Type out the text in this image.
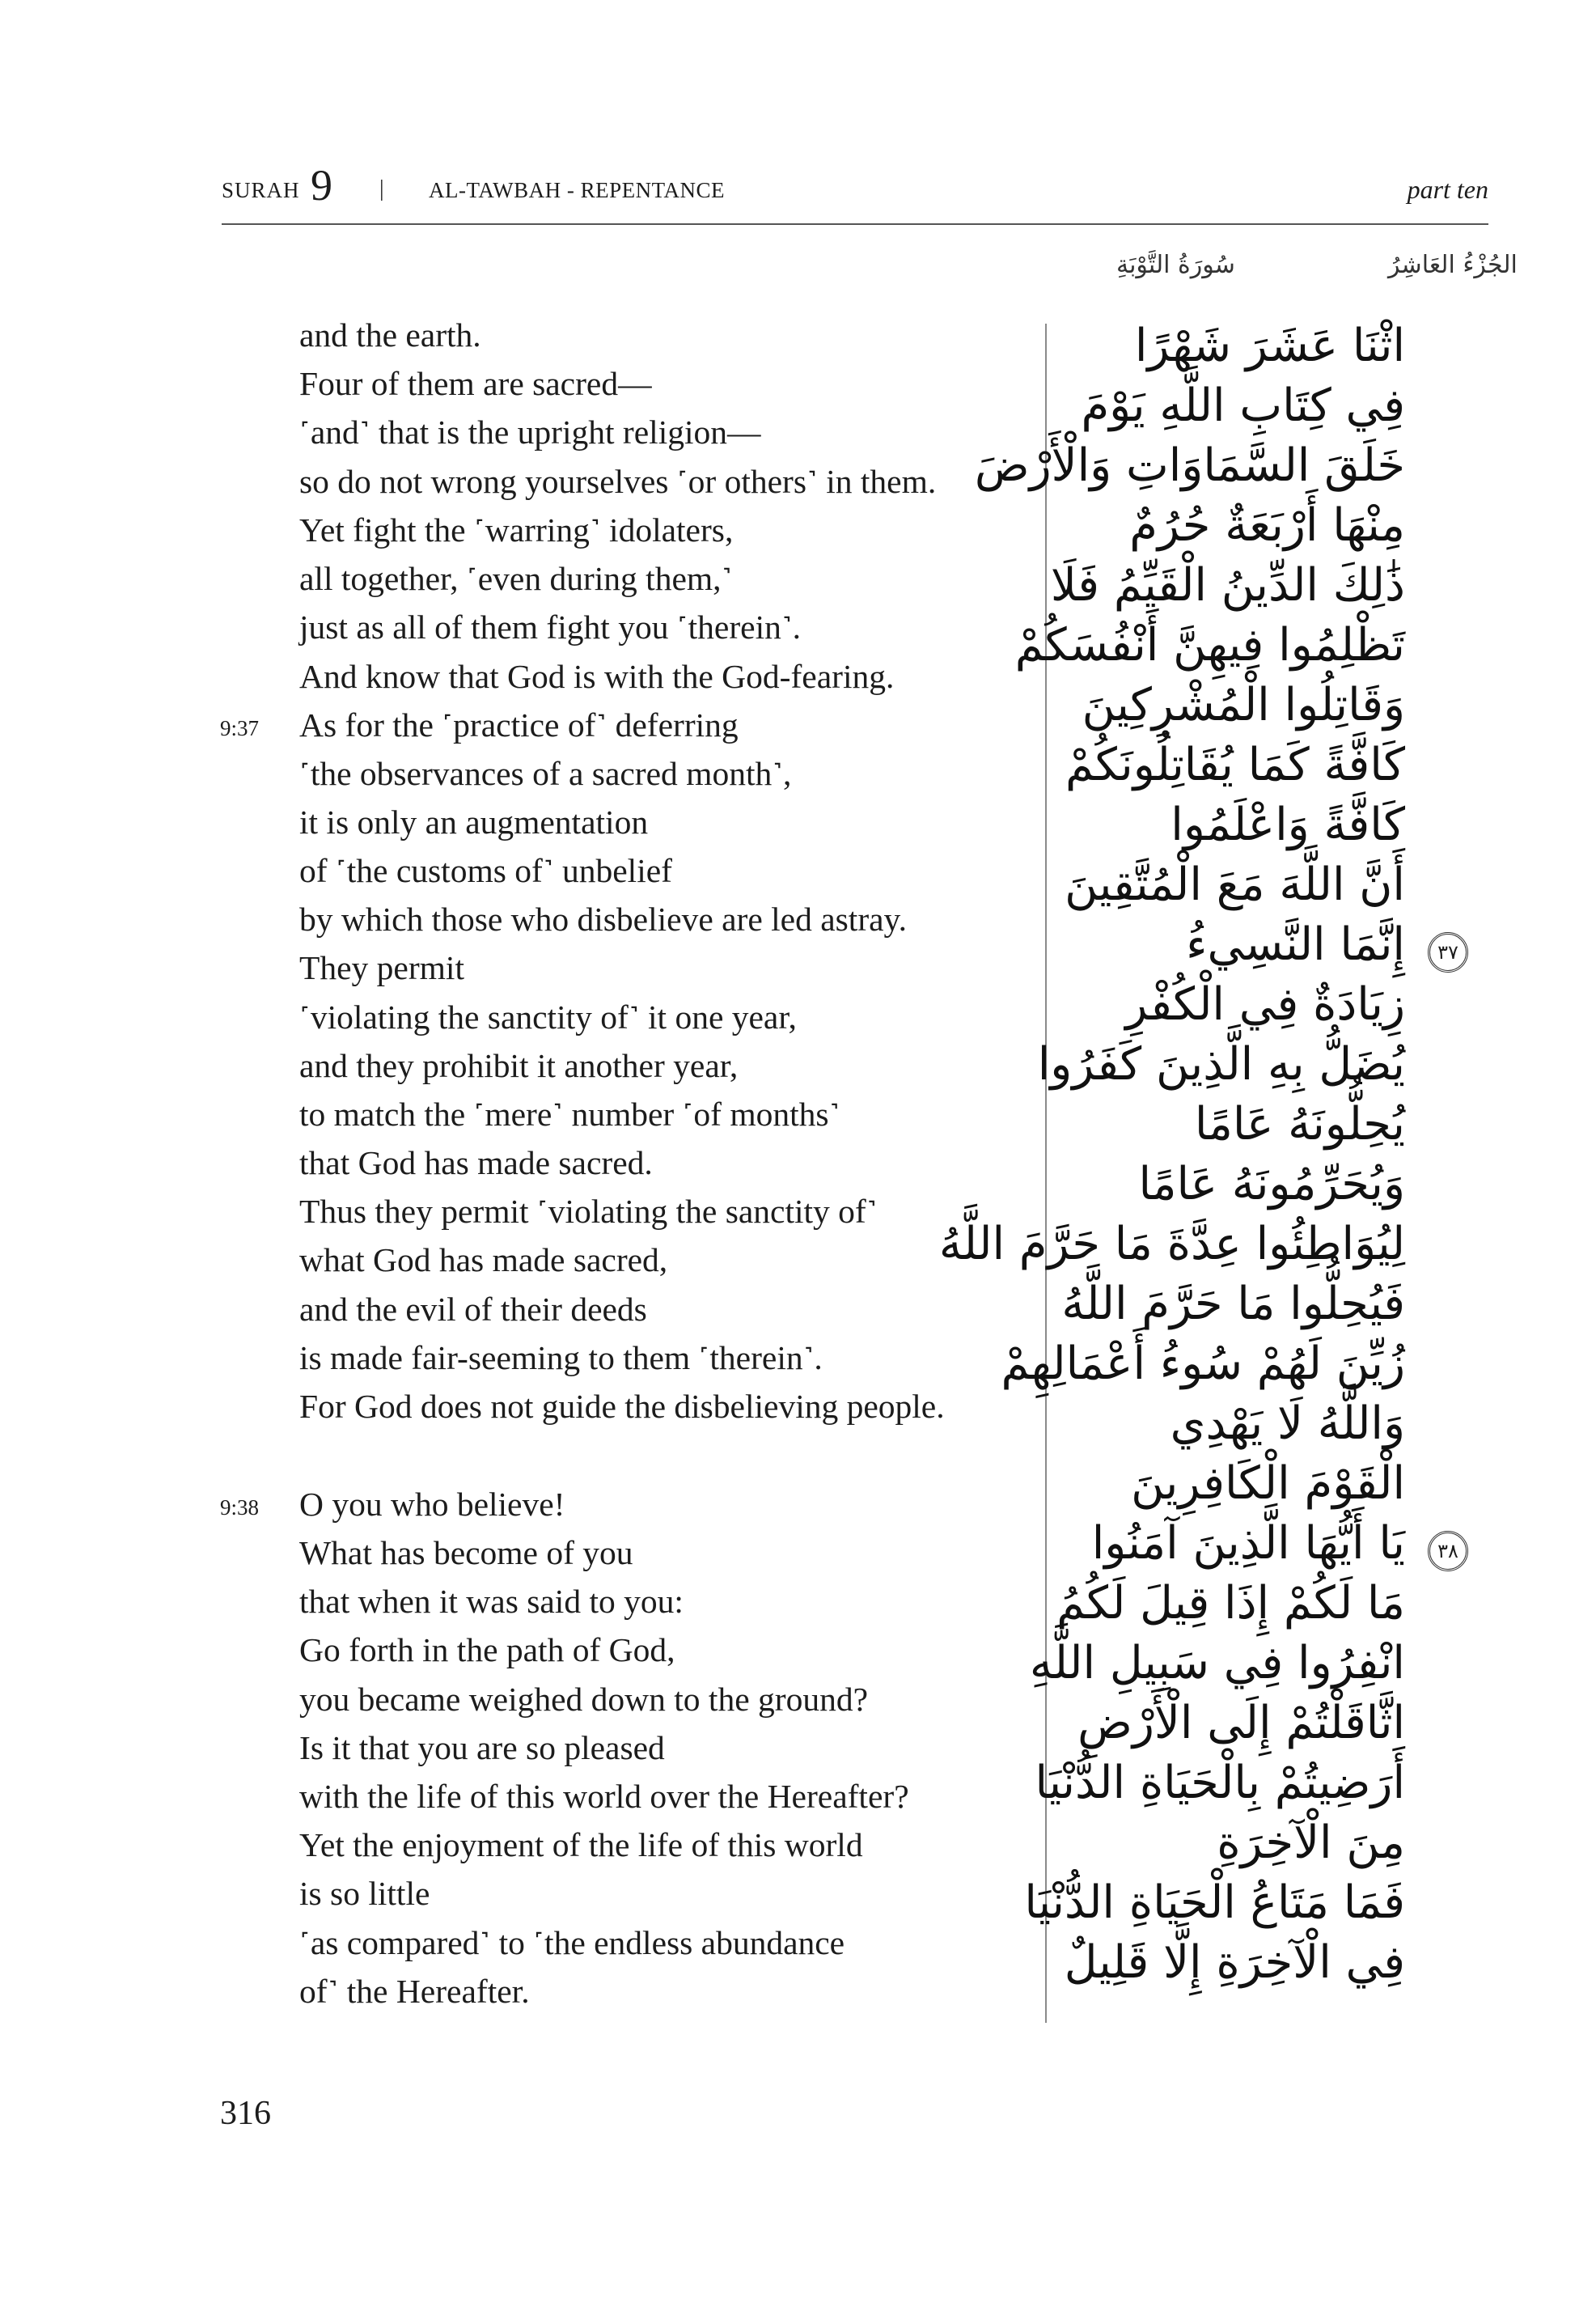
SURAH 9 | AL-TAWBAH - REPENTANCE	part ten
سُورَةُ التَّوْبَةِ	الجُزْءُ العَاشِرُ
and the earth.
Four of them are sacred—
˹and˺ that is the upright religion—
so do not wrong yourselves ˹or others˺ in them.
Yet fight the ˹warring˺ idolaters,
all together, ˹even during them,˺
just as all of them fight you ˹therein˺.
And know that God is with the God-fearing.
As for the ˹practice of˺ deferring
˹the observances of a sacred month˺,
it is only an augmentation
of ˹the customs of˺ unbelief
by which those who disbelieve are led astray.
They permit
˹violating the sanctity of˺ it one year,
and they prohibit it another year,
to match the ˹mere˺ number ˹of months˺
that God has made sacred.
Thus they permit ˹violating the sanctity of˺
what God has made sacred,
and the evil of their deeds
is made fair-seeming to them ˹therein˺.
For God does not guide the disbelieving people.
O you who believe!
What has become of you
that when it was said to you:
Go forth in the path of God,
you became weighed down to the ground?
Is it that you are so pleased
with the life of this world over the Hereafter?
Yet the enjoyment of the life of this world
is so little
˹as compared˺ to ˹the endless abundance
of˺ the Hereafter.
9:37
9:38
اثْنَا عَشَرَ شَهْرًا
فِي كِتَابِ اللَّهِ يَوْمَ
خَلَقَ السَّمَاوَاتِ وَالْأَرْضَ
مِنْهَا أَرْبَعَةٌ حُرُمٌ
ذَٰلِكَ الدِّينُ الْقَيِّمُ فَلَا
تَظْلِمُوا فِيهِنَّ أَنْفُسَكُمْ
وَقَاتِلُوا الْمُشْرِكِينَ
كَافَّةً كَمَا يُقَاتِلُونَكُمْ
كَافَّةً وَاعْلَمُوا
أَنَّ اللَّهَ مَعَ الْمُتَّقِينَ
إِنَّمَا النَّسِيءُ
زِيَادَةٌ فِي الْكُفْرِ
يُضَلُّ بِهِ الَّذِينَ كَفَرُوا
يُحِلُّونَهُ عَامًا
وَيُحَرِّمُونَهُ عَامًا
لِيُوَاطِئُوا عِدَّةَ مَا حَرَّمَ اللَّهُ
فَيُحِلُّوا مَا حَرَّمَ اللَّهُ
زُيِّنَ لَهُمْ سُوءُ أَعْمَالِهِمْ
وَاللَّهُ لَا يَهْدِي
الْقَوْمَ الْكَافِرِينَ
يَا أَيُّهَا الَّذِينَ آمَنُوا
مَا لَكُمْ إِذَا قِيلَ لَكُمُ
انْفِرُوا فِي سَبِيلِ اللَّهِ
اثَّاقَلْتُمْ إِلَى الْأَرْضِ
أَرَضِيتُمْ بِالْحَيَاةِ الدُّنْيَا
مِنَ الْآخِرَةِ
فَمَا مَتَاعُ الْحَيَاةِ الدُّنْيَا
فِي الْآخِرَةِ إِلَّا قَلِيلٌ
٣٧
٣٨
316
